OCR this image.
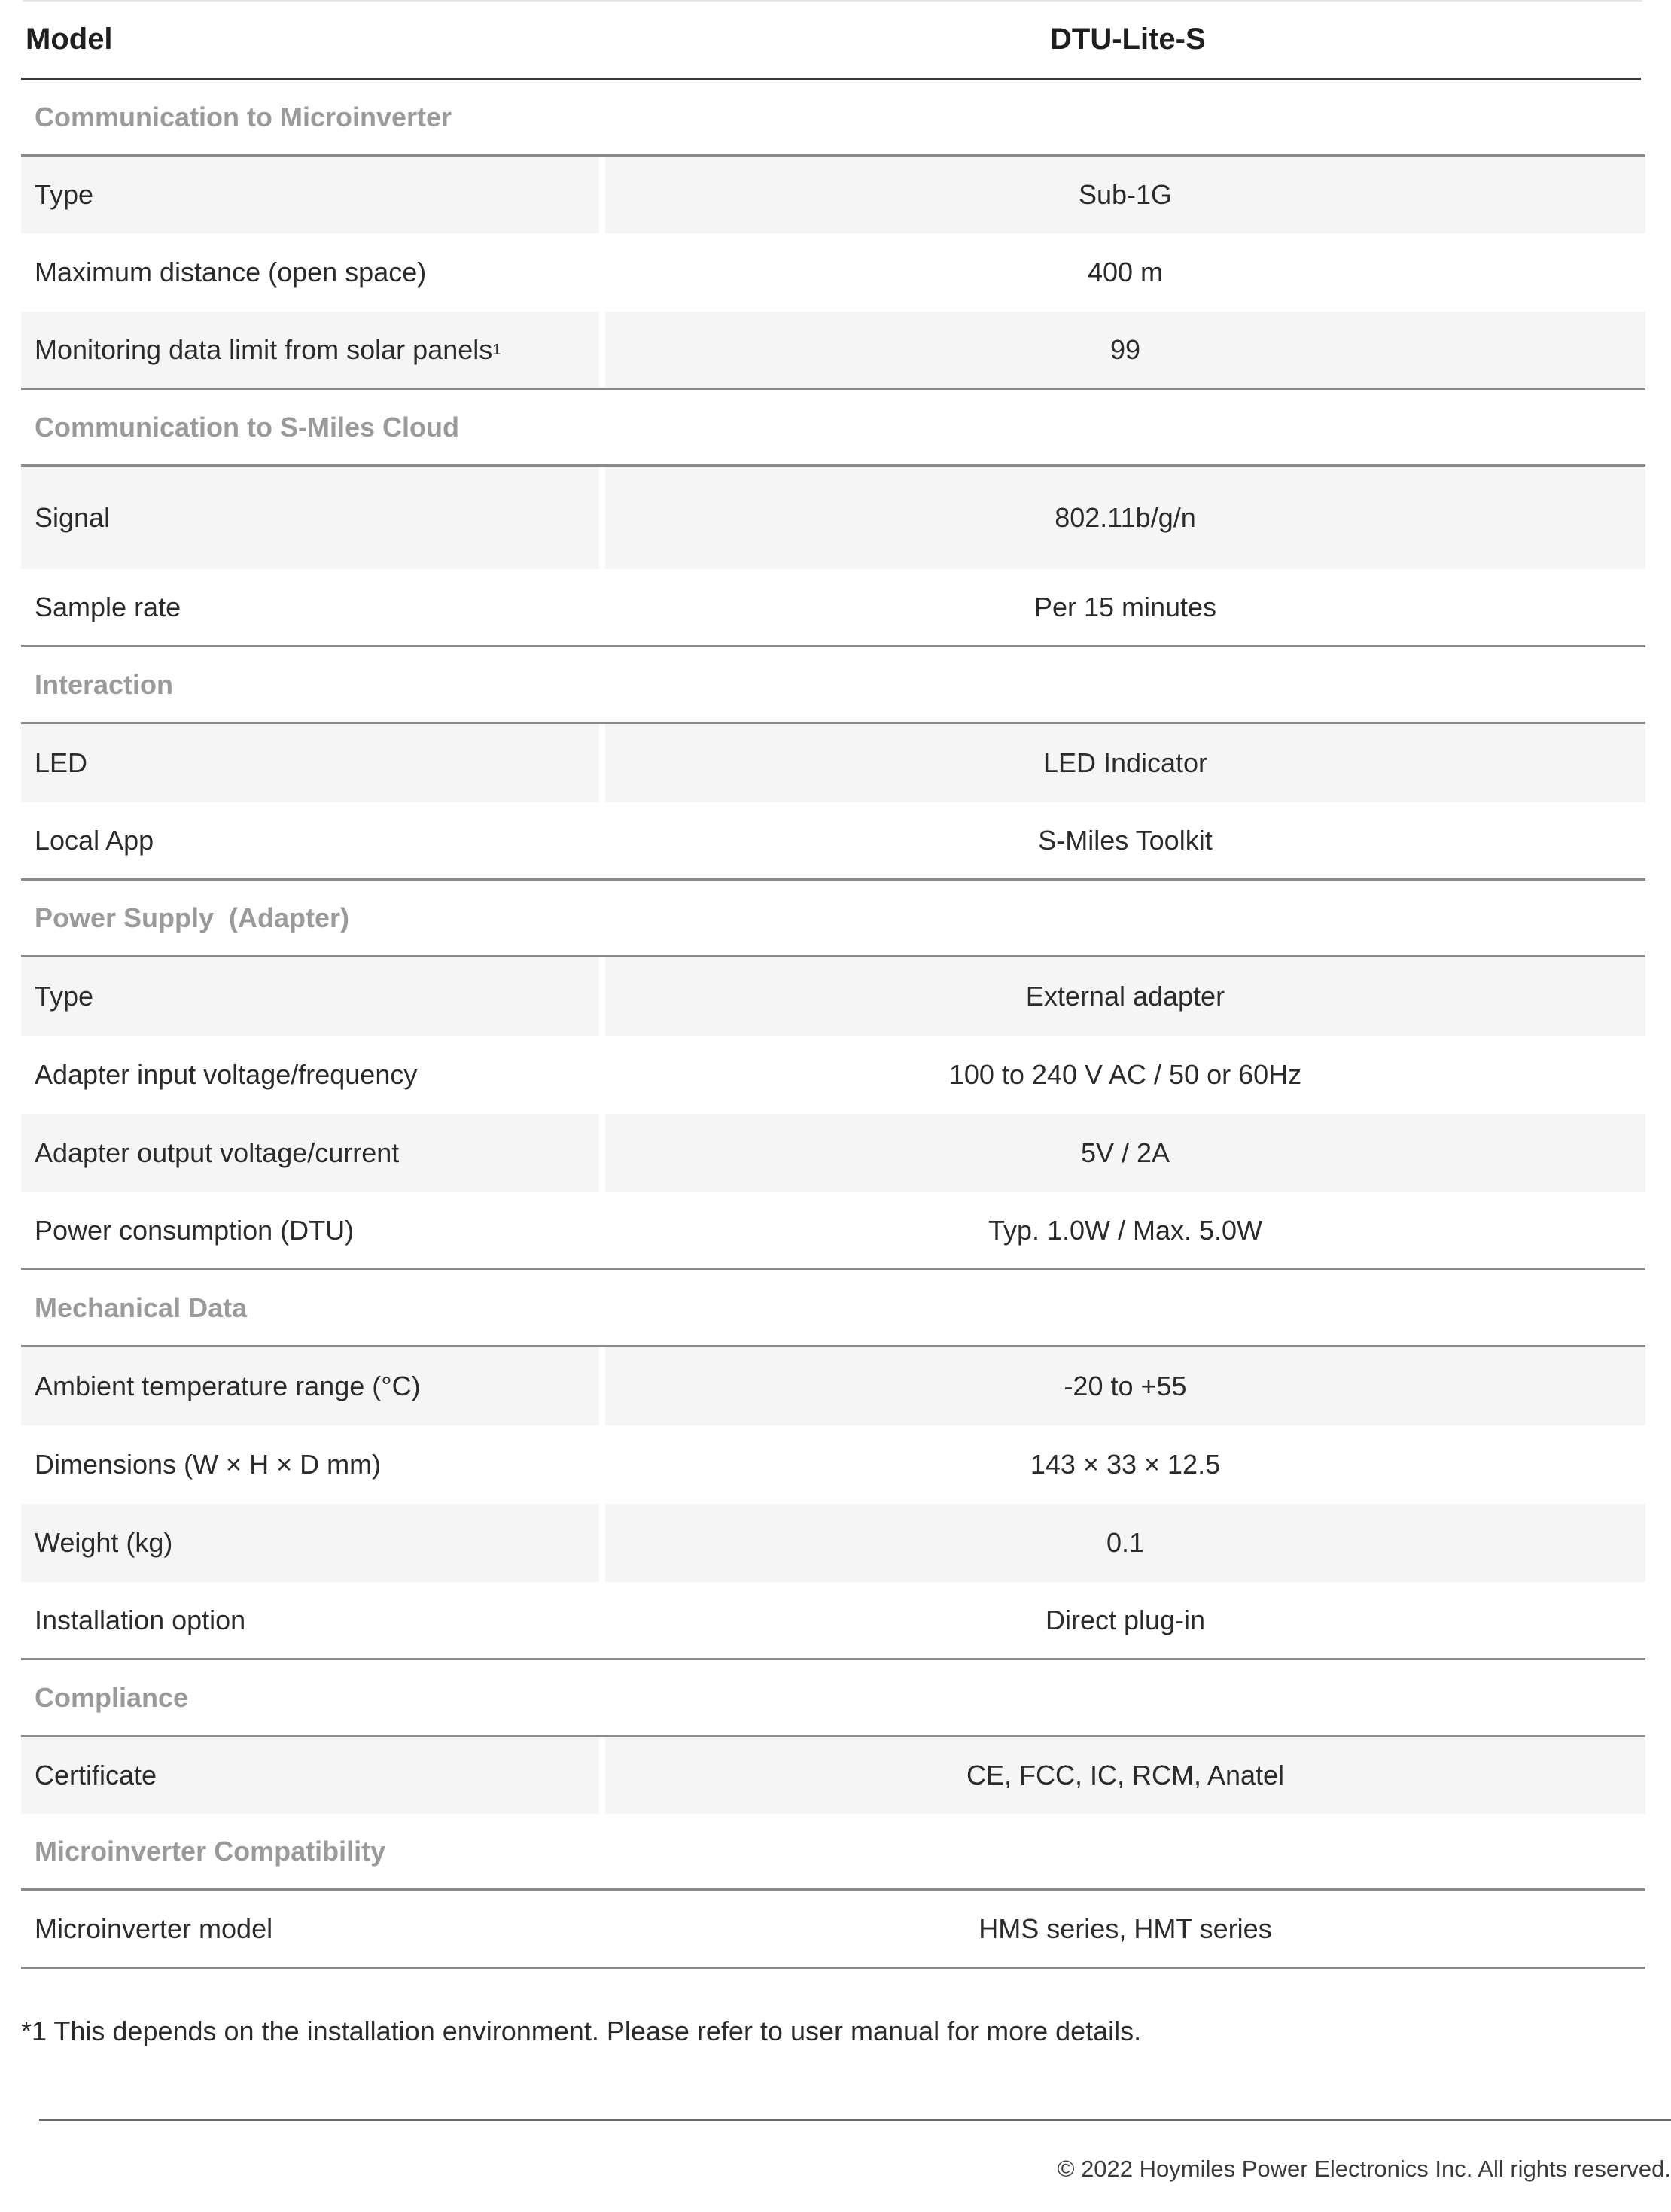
Model	DTU-Lite-S
Communication to Microinverter
Type	Sub-1G
Maximum distance (open space)	400 m
Monitoring data limit from solar panels 1	99
Communication to S-Miles Cloud
Signal	802.11b/g/n
Sample rate	Per 15 minutes
Interaction
LED	LED Indicator
Local App	S-Miles Toolkit
Power Supply  (Adapter)
Type	External adapter
Adapter input voltage/frequency	100 to 240 V AC / 50 or 60Hz
Adapter output voltage/current	5V / 2A
Power consumption (DTU)	Typ. 1.0W / Max. 5.0W
Mechanical Data
Ambient temperature range (°C)	-20 to +55
Dimensions (W × H × D mm)	143 × 33 × 12.5
Weight (kg)	0.1
Installation option	Direct plug-in
Compliance
Certificate	CE, FCC, IC, RCM, Anatel
Microinverter Compatibility
Microinverter model	HMS series, HMT series
*1 This depends on the installation environment. Please refer to user manual for more details.
© 2022 Hoymiles Power Electronics Inc. All rights reserved.
